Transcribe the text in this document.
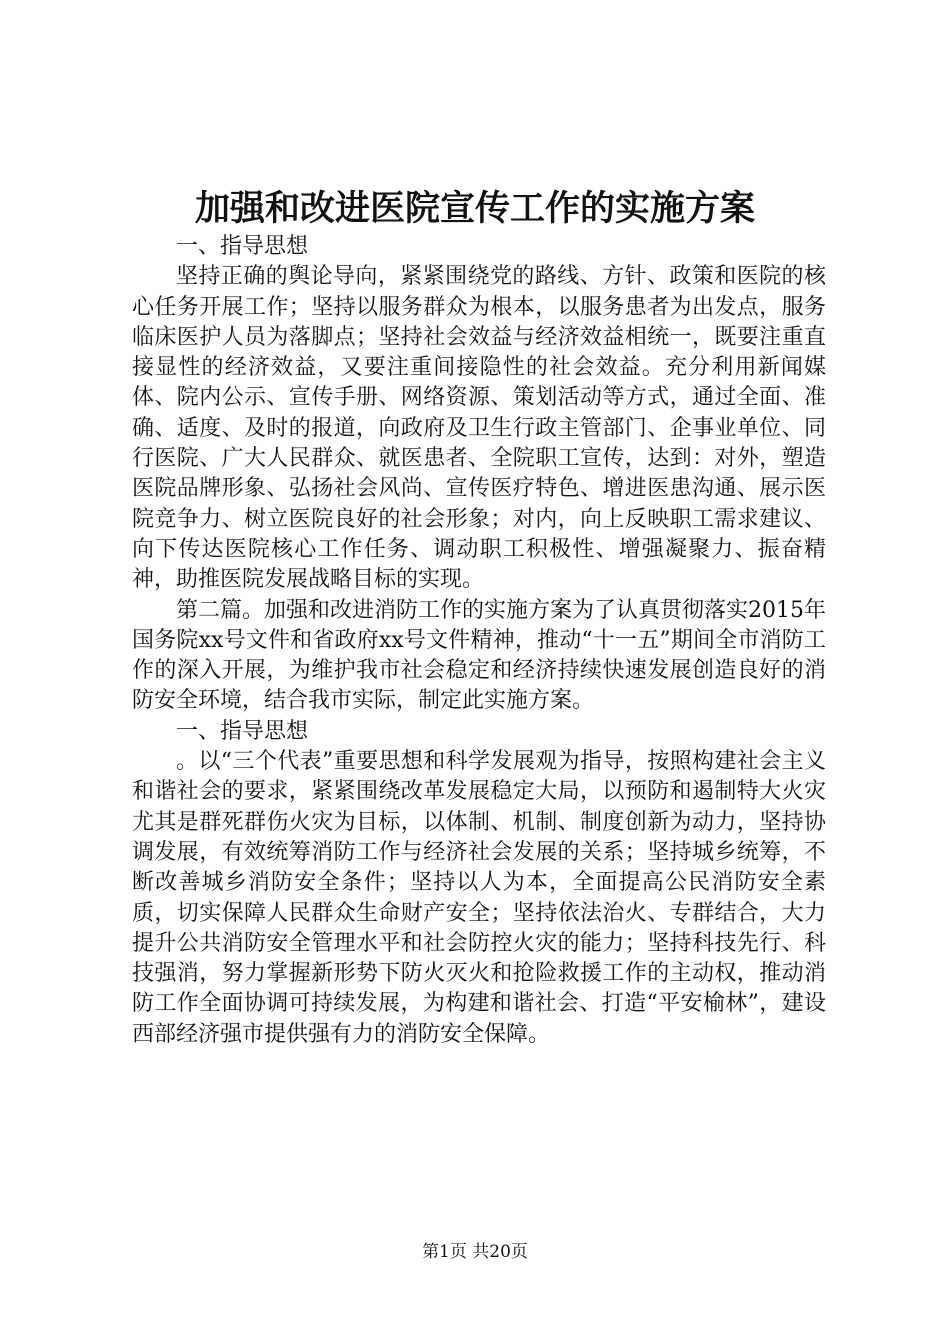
加强和改进医院宣传工作的实施方案

一、指导思想

坚持正确的舆论导向，紧紧围绕党的路线、方针、政策和医院的核心任务开展工作；坚持以服务群众为根本，以服务患者为出发点，服务临床医护人员为落脚点；坚持社会效益与经济效益相统一，既要注重直接显性的经济效益，又要注重间接隐性的社会效益。充分利用新闻媒体、院内公示、宣传手册、网络资源、策划活动等方式，通过全面、准确、适度、及时的报道，向政府及卫生行政主管部门、企事业单位、同行医院、广大人民群众、就医患者、全院职工宣传，达到：对外，塑造医院品牌形象、弘扬社会风尚、宣传医疗特色、增进医患沟通、展示医院竞争力、树立医院良好的社会形象；对内，向上反映职工需求建议、向下传达医院核心工作任务、调动职工积极性、增强凝聚力、振奋精神，助推医院发展战略目标的实现。

第二篇。加强和改进消防工作的实施方案为了认真贯彻落实2015年国务院xx号文件和省政府xx号文件精神，推动“十一五”期间全市消防工作的深入开展，为维护我市社会稳定和经济持续快速发展创造良好的消防安全环境，结合我市实际，制定此实施方案。

一、指导思想

。以“三个代表”重要思想和科学发展观为指导，按照构建社会主义和谐社会的要求，紧紧围绕改革发展稳定大局，以预防和遏制特大火灾尤其是群死群伤火灾为目标，以体制、机制、制度创新为动力，坚持协调发展，有效统筹消防工作与经济社会发展的关系；坚持城乡统筹，不断改善城乡消防安全条件；坚持以人为本，全面提高公民消防安全素质，切实保障人民群众生命财产安全；坚持依法治火、专群结合，大力提升公共消防安全管理水平和社会防控火灾的能力；坚持科技先行、科技强消，努力掌握新形势下防火灭火和抢险救援工作的主动权，推动消防工作全面协调可持续发展，为构建和谐社会、打造“平安榆林”，建设西部经济强市提供强有力的消防安全保障。

第1页 共20页
